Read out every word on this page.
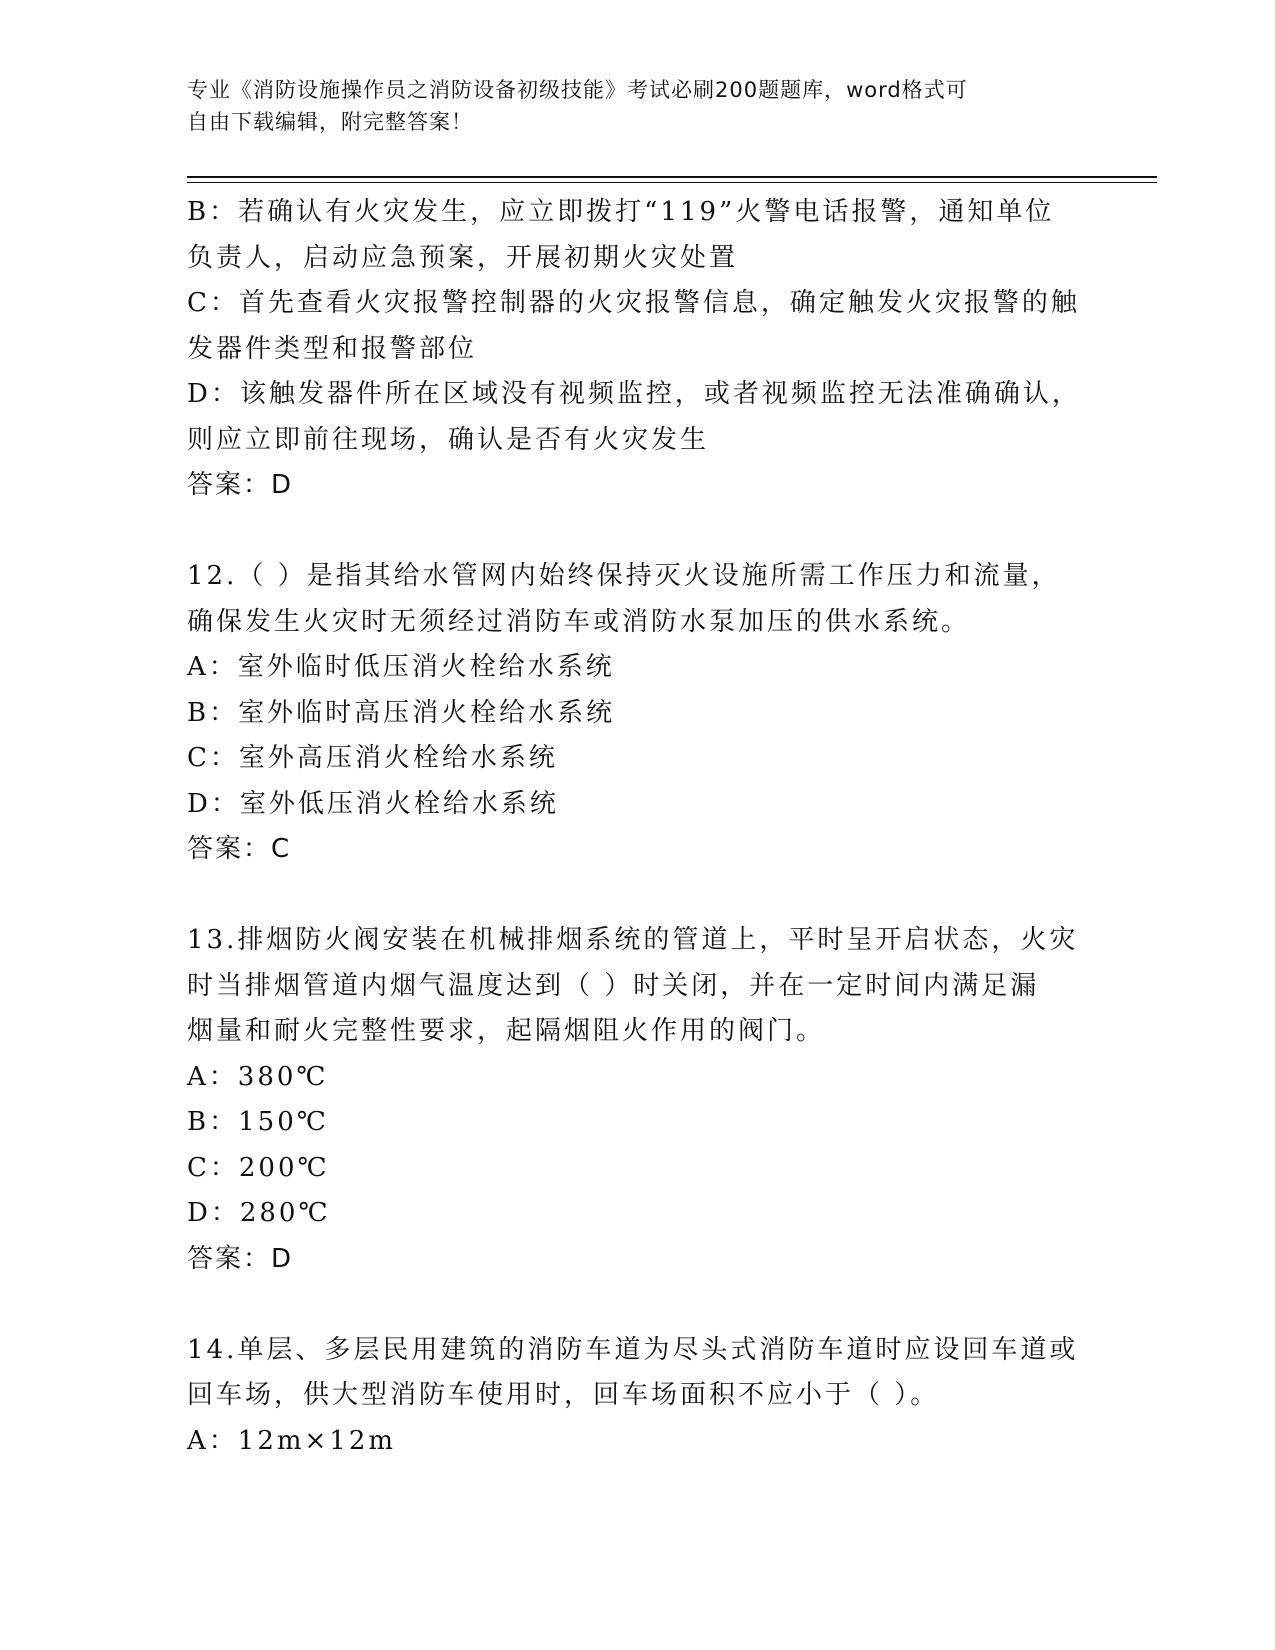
专业《消防设施操作员之消防设备初级技能》考试必刷200题题库，word格式可
自由下载编辑，附完整答案！
B：若确认有火灾发生，应立即拨打“119”火警电话报警，通知单位
负责人，启动应急预案，开展初期火灾处置
C：首先查看火灾报警控制器的火灾报警信息，确定触发火灾报警的触
发器件类型和报警部位
D：该触发器件所在区域没有视频监控，或者视频监控无法准确确认，
则应立即前往现场，确认是否有火灾发生
答案：D
12.（ ）是指其给水管网内始终保持灭火设施所需工作压力和流量，
确保发生火灾时无须经过消防车或消防水泵加压的供水系统。
A：室外临时低压消火栓给水系统
B：室外临时高压消火栓给水系统
C：室外高压消火栓给水系统
D：室外低压消火栓给水系统
答案：C
13.排烟防火阀安装在机械排烟系统的管道上，平时呈开启状态，火灾
时当排烟管道内烟气温度达到（ ）时关闭，并在一定时间内满足漏
烟量和耐火完整性要求，起隔烟阻火作用的阀门。
A：380℃
B：150℃
C：200℃
D：280℃
答案：D
14.单层、多层民用建筑的消防车道为尽头式消防车道时应设回车道或
回车场，供大型消防车使用时，回车场面积不应小于（ ）。
A：12m×12m
